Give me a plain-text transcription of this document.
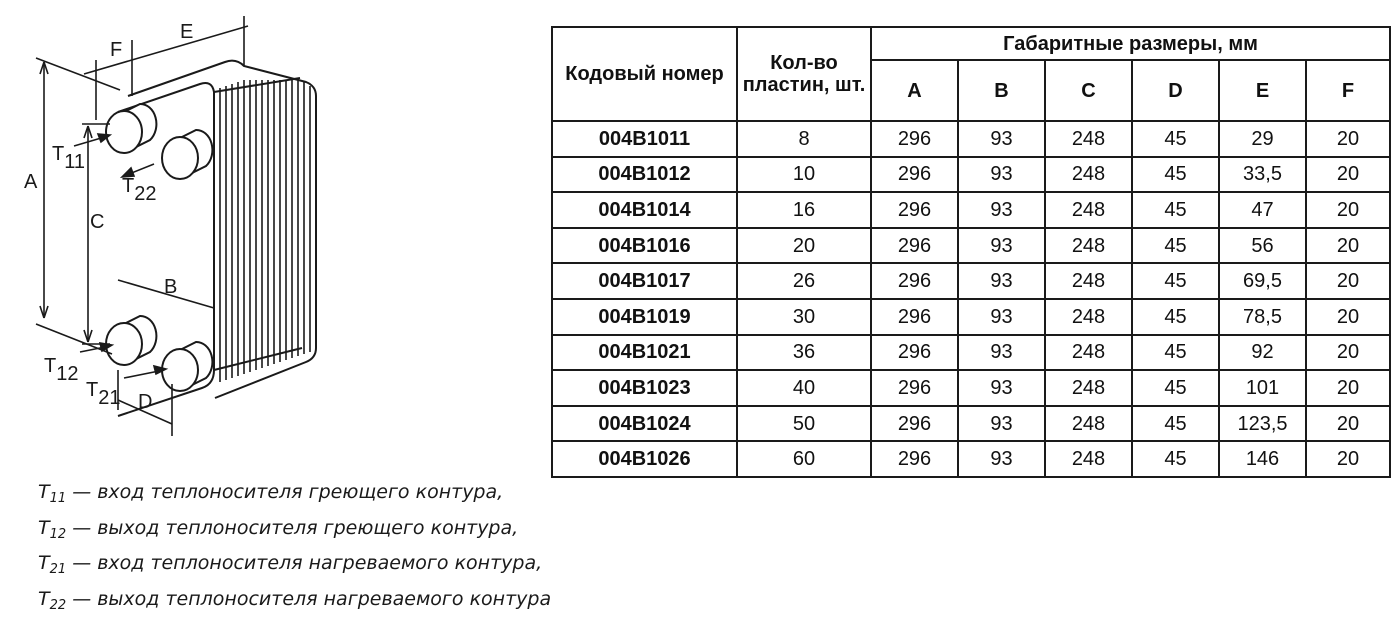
A
C
B
D
E
F
T11
T22
T12
T21
Кодовый номер	Кол-во пластин, шт.	Габаритные размеры, мм					
		A	B	C	D	E	F
004B1011	8	296	93	248	45	29	20
004B1012	10	296	93	248	45	33,5	20
004B1014	16	296	93	248	45	47	20
004B1016	20	296	93	248	45	56	20
004B1017	26	296	93	248	45	69,5	20
004B1019	30	296	93	248	45	78,5	20
004B1021	36	296	93	248	45	92	20
004B1023	40	296	93	248	45	101	20
004B1024	50	296	93	248	45	123,5	20
004B1026	60	296	93	248	45	146	20
$T_{11}$ — вход теплоносителя греющего контура,
$T_{12}$ — выход теплоносителя греющего контура,
$T_{21}$ — вход теплоносителя нагреваемого контура,
$T_{22}$ — выход теплоносителя нагреваемого контура
